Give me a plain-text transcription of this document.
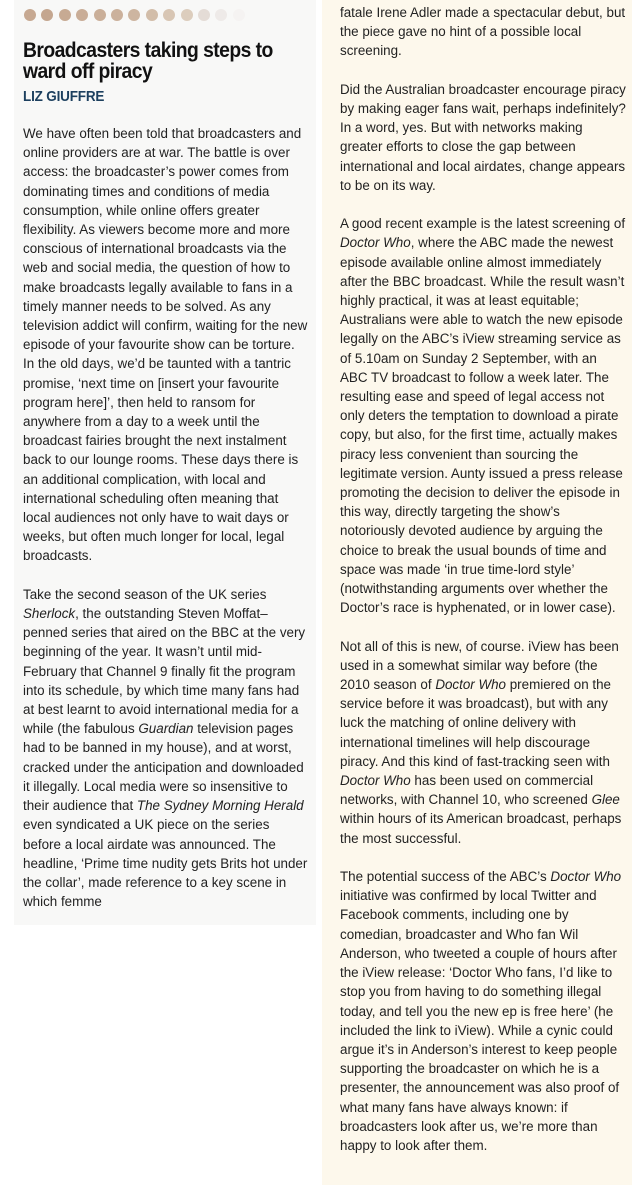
Broadcasters taking steps to ward off piracy
LIZ GIUFFRE

We have often been told that broadcasters and online providers are at war. The battle is over access: the broadcaster’s power comes from dominating times and conditions of media consumption, while online offers greater flexibility. As viewers become more and more conscious of international broadcasts via the web and social media, the question of how to make broadcasts legally available to fans in a timely manner needs to be solved. As any television addict will confirm, waiting for the new episode of your favourite show can be torture. In the old days, we’d be taunted with a tantric promise, ‘next time on [insert your favourite program here]’, then held to ransom for anywhere from a day to a week until the broadcast fairies brought the next instalment back to our lounge rooms. These days there is an additional complication, with local and international scheduling often meaning that local audiences not only have to wait days or weeks, but often much longer for local, legal broadcasts.

Take the second season of the UK series Sherlock, the outstanding Steven Moffat–penned series that aired on the BBC at the very beginning of the year. It wasn’t until mid-February that Channel 9 finally fit the program into its schedule, by which time many fans had at best learnt to avoid international media for a while (the fabulous Guardian television pages had to be banned in my house), and at worst, cracked under the anticipation and downloaded it illegally. Local media were so insensitive to their audience that The Sydney Morning Herald even syndicated a UK piece on the series before a local airdate was announced. The headline, ‘Prime time nudity gets Brits hot under the collar’, made reference to a key scene in which femme

fatale Irene Adler made a spectacular debut, but the piece gave no hint of a possible local screening.

Did the Australian broadcaster encourage piracy by making eager fans wait, perhaps indefinitely? In a word, yes. But with networks making greater efforts to close the gap between international and local airdates, change appears to be on its way.

A good recent example is the latest screening of Doctor Who, where the ABC made the newest episode available online almost immediately after the BBC broadcast. While the result wasn’t highly practical, it was at least equitable; Australians were able to watch the new episode legally on the ABC’s iView streaming service as of 5.10am on Sunday 2 September, with an ABC TV broadcast to follow a week later. The resulting ease and speed of legal access not only deters the temptation to download a pirate copy, but also, for the first time, actually makes piracy less convenient than sourcing the legitimate version. Aunty issued a press release promoting the decision to deliver the episode in this way, directly targeting the show’s notoriously devoted audience by arguing the choice to break the usual bounds of time and space was made ‘in true time-lord style’ (notwithstanding arguments over whether the Doctor’s race is hyphenated, or in lower case).

Not all of this is new, of course. iView has been used in a somewhat similar way before (the 2010 season of Doctor Who premiered on the service before it was broadcast), but with any luck the matching of online delivery with international timelines will help discourage piracy. And this kind of fast-tracking seen with Doctor Who has been used on commercial networks, with Channel 10, who screened Glee within hours of its American broadcast, perhaps the most successful.

The potential success of the ABC’s Doctor Who initiative was confirmed by local Twitter and Facebook comments, including one by comedian, broadcaster and Who fan Wil Anderson, who tweeted a couple of hours after the iView release: ‘Doctor Who fans, I’d like to stop you from having to do something illegal today, and tell you the new ep is free here’ (he included the link to iView). While a cynic could argue it’s in Anderson’s interest to keep people supporting the broadcaster on which he is a presenter, the announcement was also proof of what many fans have always known: if broadcasters look after us, we’re more than happy to look after them.
